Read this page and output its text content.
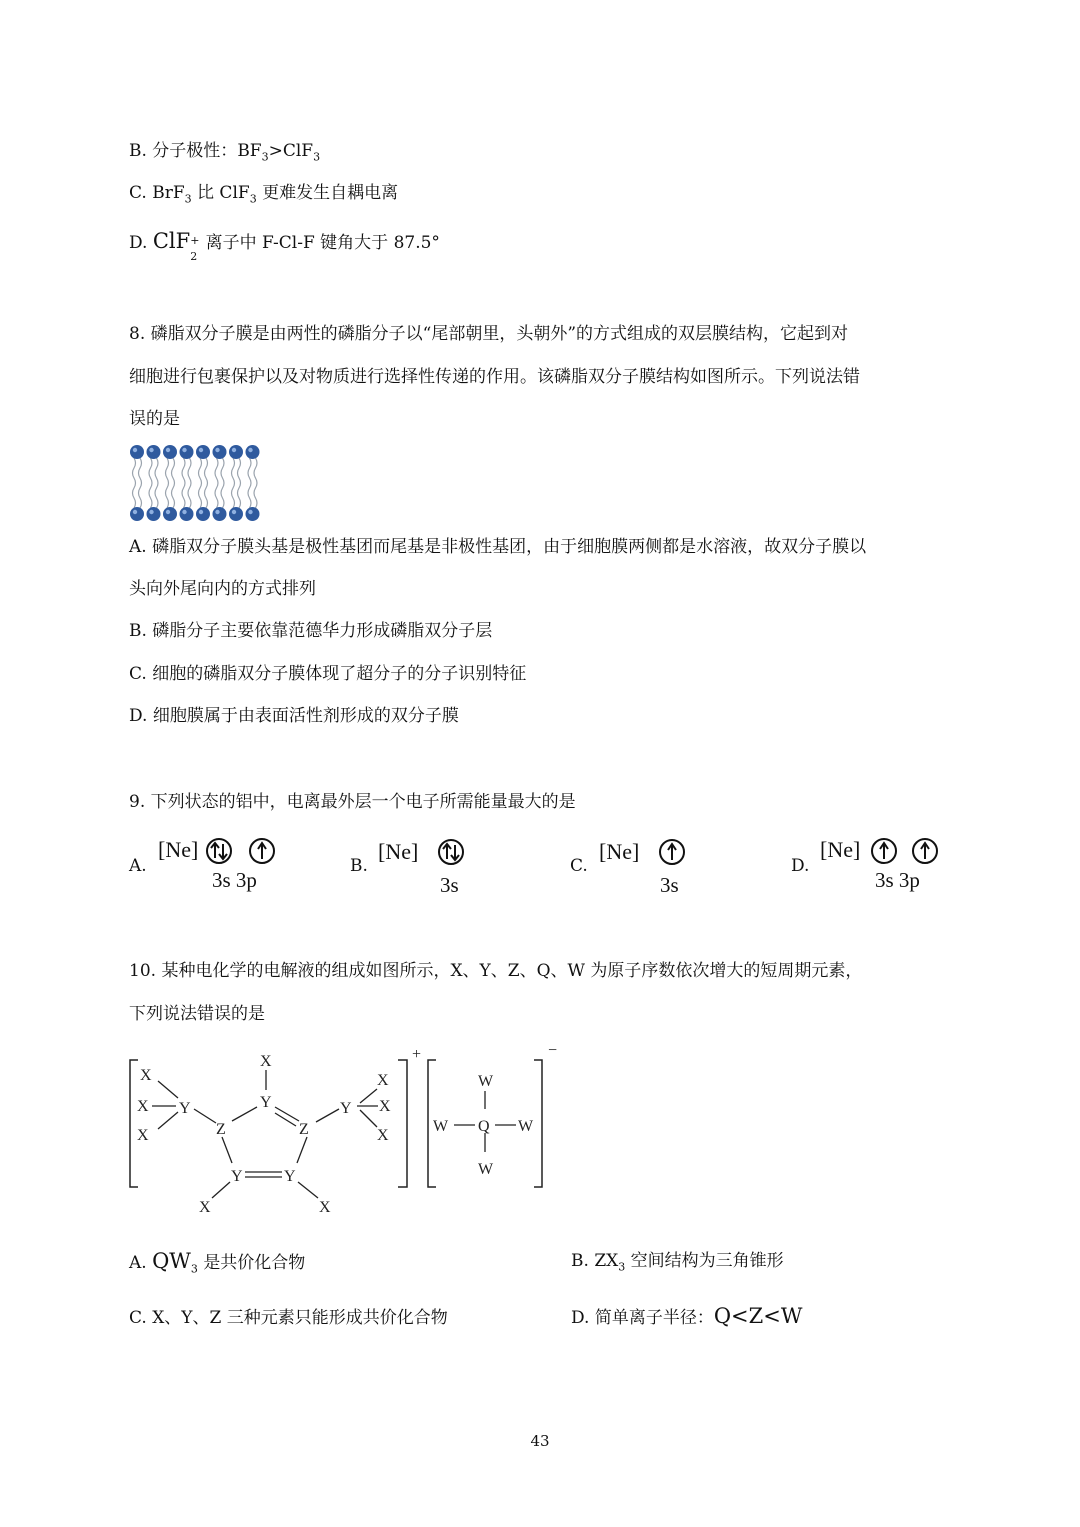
B. 分子极性：$BF_3>ClF_3$
C. BrF$_3$ 比 ClF$_3$ 更难发生自耦电离
D. ClF +
2
离子中 F-Cl-F 键角大于 87.5°
8. 磷脂双分子膜是由两性的磷脂分子以“尾部朝里，头朝外”的方式组成的双层膜结构，它起到对
细胞进行包裹保护以及对物质进行选择性传递的作用。该磷脂双分子膜结构如图所示。下列说法错
误的是
A. 磷脂双分子膜头基是极性基团而尾基是非极性基团，由于细胞膜两侧都是水溶液，故双分子膜以
头向外尾向内的方式排列
B. 磷脂分子主要依靠范德华力形成磷脂双分子层
C. 细胞的磷脂双分子膜体现了超分子的分子识别特征
D. 细胞膜属于由表面活性剂形成的双分子膜
9. 下列状态的铝中，电离最外层一个电子所需能量最大的是
A.
[Ne]
3s 3p
B.
[Ne]
3s
C.
[Ne]
3s
D.
[Ne]
3s 3p
10. 某种电化学的电解液的组成如图所示，X、Y、Z、Q、W 为原子序数依次增大的短周期元素，
下列说法错误的是
+	−
X
X
X
Y
Z
X
Y
Z
Y
X
X
X
Y	Y
X	X
W
W Q W
W
A. $QW_3$ 是共价化合物	B. $ZX_3$ 空间结构为三角锥形
C. X、Y、Z 三种元素只能形成共价化合物	D. 简单离子半径：Q<Z<W
43
